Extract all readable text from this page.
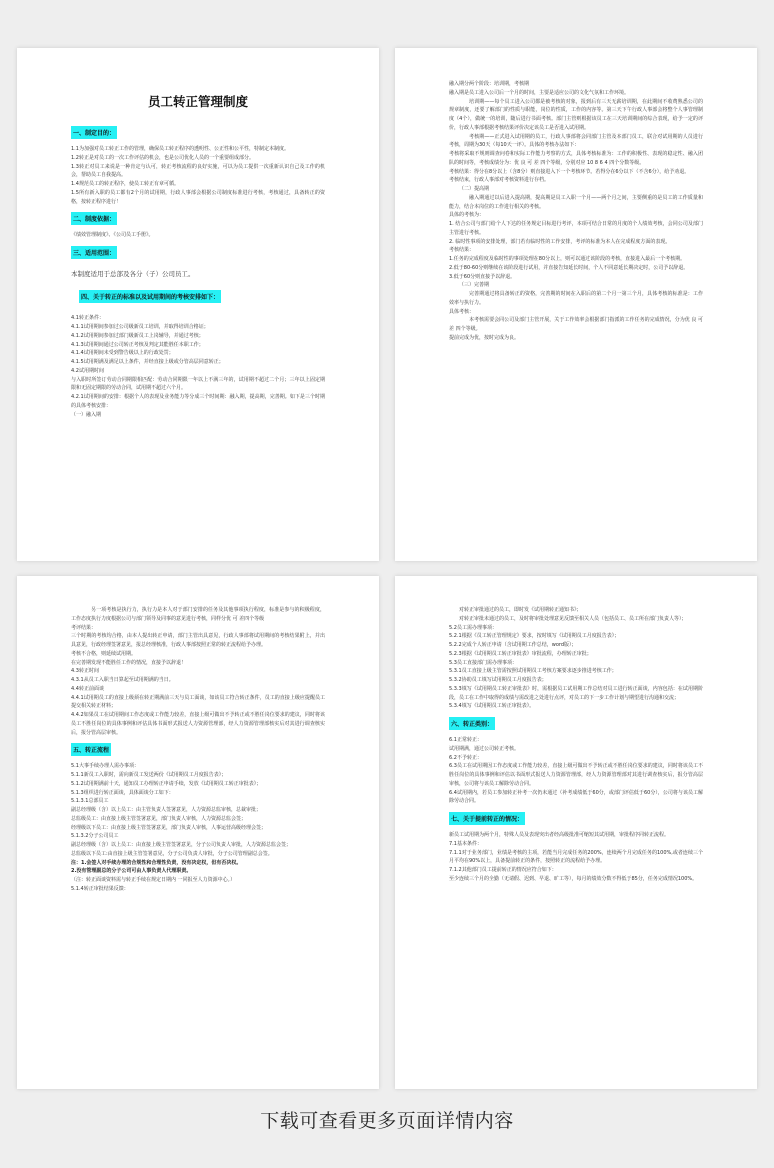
员工转正管理制度
一、制定目的：

1.1为加强对员工转正工作的管理，确保员工转正程序的透明性、公正性和公平性，特制定本制度。

1.2转正是对员工的一次工作评估的机会，也是公司优化人员的一个重要组成部分。

1.3转正对员工来说是一种肯定与认可，转正考核流程的良好实施，可以为员工提供一次重新认识自己及工作的机会，帮助员工自我提高。

1.4规范员工的转正程序，使员工转正有章可循。

1.5所有新入职的员工都有2个月的试用期，行政人事部会根据公司制度标准进行考核，考核通过，具备转正的资格，按转正程序进行！

二、制度依据：

《绩效管理制度》、《公司员工手册》。

三、适用范围：

本制度适用于总部及各分（子）公司员工。

四、关于转正的标准以及试用期间的考核安排如下：

4.1转正条件：

4.1.1试用期间参加过公司级新员工培训，并取得培训合格证；

4.1.2试用期间参加过部门级新员工上岗辅导，并通过考核；

4.1.3试用期间通过公司转正考核及判定其能胜任本职工作；

4.1.4试用期间未受到警告级以上的行政处罚；

4.1.5试用期满及满足以上条件，并经直接上级或分管高层同意转正；

4.2试用期时间

与入职时所签订劳动合同期限相匹配：劳动合同期限一年以上不满三年的，试用期不超过二个月；三年以上固定期限和无固定期限的劳动合同，试用期不超过六个月。

4.2.1试用期间的安排：根据个人的表现及业务能力等分成三个时间期：融入期，提高期，完善期。如下是三个时期的具体考核安排：

（一）融入期

融入期分两个阶段：培训期，考核期

融入期是员工进入公司后一个月的时间，主要是适应公司的文化气氛和工作环境。

培训期——每个员工进入公司都是被考核的对象，报到后有三天无薪培训期，在此期间不收费熟悉公司的规章制度，还要了解部门的性质与职能，岗位的性质，工作的内容等。第三天下午行政人事部会将整个人事管理制度（4个），做统一的培训，随后进行书面考核。部门主管则根据该员工在三天培训期间的综合表现，给予一定的评价，行政人事部根据考核结果评价决定该员工是否进入试用期。

考核期——正式进入试用期的员工，行政人事部将会同部门主管及本部门员工，联合对试用期的人员进行考核，周期为30天（每10天一评）。具体的考核办法如下：

考核将采取不规则调查问卷和实际工作能力考察的方式，具体考核标准为：工作的积极性、表现的稳定性、融入团队的时间等，考核成绩分为：优 良 可 差 四个等级，分别对应 10 8 6 4 四个分数等级。

考核结果：得分在8分以上（含8分）则直接进入下一个考核环节。若得分在6分以下（不含6分），给予劝退。

考核结束，行政人事部对考核资料进行存档。

（二）提高期

融入期通过以后进入提高期，提高期是员工入职一个月——两个月之间，主要侧重的是员工的工作质量和能力，结合本岗位的工作进行相关的考核。

具体的考核为：

1. 结合公司与部门给个人下达的任务规定目标进行考评，本项可结合日常的月度的个人绩效考核，会同公司及部门主管进行考核。

2. 临时性事项的安排处理，部门若有临时性的工作安排，考评的标准为本人在完成程度方面的表现。

考核结果：

1.任务的完成程度及临时性的事项处理在80分以上，则可以通过该阶段的考核，直接进入最后一个考核期。

2.低于80-60分则继续在该阶段进行试用，并直接告知延长时间，个人不同意延长期决定时，公司予以辞退。

3.低于60分则直接予以辞退。

（三）完善期

完善期通过将具备转正的资格，完善期的时间在入职后的第二个月一第三个月，具体考核的标准是：工作效率与执行力。

具体考核：

本考核需要会同公司及部门主管开展，关于工作效率会根据部门指派的工作任务的完成情况，分为优 良 可 差 四个等级。

提前完成为优，按时完成为良。

另一项考核是执行力，执行力是本人对于部门安排的任务及其他事项执行程度，标准是参与的积极程度，工作态度执行力度根据公司与部门领导及同事的意见进行考核，同样分优 可 差四个等级

考评结果：

三个时期的考核均合格，由本人提出转正申请，部门主管出具意见，行政人事部将试用期间的考核结果附上，并出具意见，行政经理签署意见，报总经理核准，行政人事部按照正常的转正流程给予办理。

考核不合格，则延续试用期。

在完善期发现不能胜任工作的情况，直接予以辞退！

4.3转正时间

4.3.1从员工入职当日算起至试用期满的当日。

4.4转正前面谈

4.4.1试用期员工的直接上级须在转正期满前三天与员工面谈，如该员工符合转正条件，员工的直接上级应提醒员工提交相关转正材料；

4.4.2如果员工在试用期间工作态度或工作能力较差，直接上级可做出不予转正或不胜任岗位要求的建议，同时将该员工不胜任岗位的具体事例和评估具体书面形式报送人力资源管理部，经人力资源管理部核实后对其进行调查核实后，报分管高层审核。

五、转正流程

5.1大事手续办理人需办事项：

5.1.1新员工入职时，需向新员工发送两份《试用期员工月度报告表》；

5.1.2试用期满前十天，通知员工办理转正申请手续，发放《试用期员工转正审批表》；

5.1.3组织进行转正面谈，具体面谈分工如下：

5.1.3.1总部员工

副总经理级（含）以上员工：由主管负责人签署意见，人力资源总监审核，总裁审批；

总监级员工：由直接上级主管签署意见，部门负责人审核，人力资源总监会签；

经理级以下员工：由直接上级主管签署意见，部门负责人审核，人事运营高级经理会签；

5.1.3.2分子公司员工

副总经理级（含）以上员工：由直接上级主管签署意见，分子公司负责人审批，人力资源总监会签；

总监级以下员工:由直接上级主管签署意见，分子公司负责人审批，分子公司管理副总会签。

注：1.会签人对手续办理的合规性和合理性负责，没有决定权，但有否决权。

2.没有管理副总的分子公司可由人事负责人代理职责。

（注：转正面谈资料需与转正手续在规定日期内 一同报至人力资源中心。）

5.1.4转正审批结果反馈：

对转正审批通过的员工，即时发《试用期转正通知书》；

对转正审批未通过的员工，及时将审批处理意见反馈至相关人员（包括员工、员工所在部门负责人等）；

5.2员工需办理事项：

5.2.1根据《员工转正管理规定》要求，按时填写《试用期员工月度报告表》；

5.2.2完成个人转正申请（含试用期工作总结，word版）；

5.2.3根据《试用期员工转正审批表》审批流程，办理转正审批；

5.3员工直接部门需办理事项：

5.3.1员工直接上级主管需按照试用期员工考核方案要求逐步推进考核工作；

5.3.2协助员工填写试用期员工月度报告表；

5.3.3填写《试用期员工转正审批表》时，需根据员工试用期工作总结对员工进行转正面谈，内容包括：在试用期阶段，员工在工作中取得的成绩与需改进之处进行点评，对员工的下一步工作计划与期望进行沟通和交流；

5.3.4填写《试用期员工转正审批表》。

六、转正类别：

6.1正常转正：

试用期满，通过公司转正考核。

6.2不予转正：

6.3员工在试用期因工作态度或工作能力较差，直接上级可做出不予转正或不胜任岗位要求的建议，同时将该员工不胜任岗位的具体事例和评估以书面形式报送人力资源管理部，经人力资源管理部对其进行调查核实后，报分管高层审核，公司将与该员工解除劳动合同。

6.4试用期内，若员工参加转正补考一次仍未通过（补考成绩低于60分，或部门评估低于60分），公司将与该员工解除劳动合同。

七、关于提前转正的情况：

新员工试用期为两个月，特殊人员及表现突出者经高级批准可缩短其试用期，审批程序同转正流程。

7.1基本条件：

7.1.1对于业务部门，业绩是考核的主项，若能当月完成任务的200%，连续两个月完成任务的100%,或者连续三个月平均在90%以上，具备提前转正的条件，按照转正的流程给予办理。

7.1.2其他部门员工提前转正的情况应符合如下：

至少连续三个月的全勤（无请假、迟到、早退、旷工等），每月的绩效分数不得低于85分，任务完成情况100%。

下载可查看更多页面详情内容
